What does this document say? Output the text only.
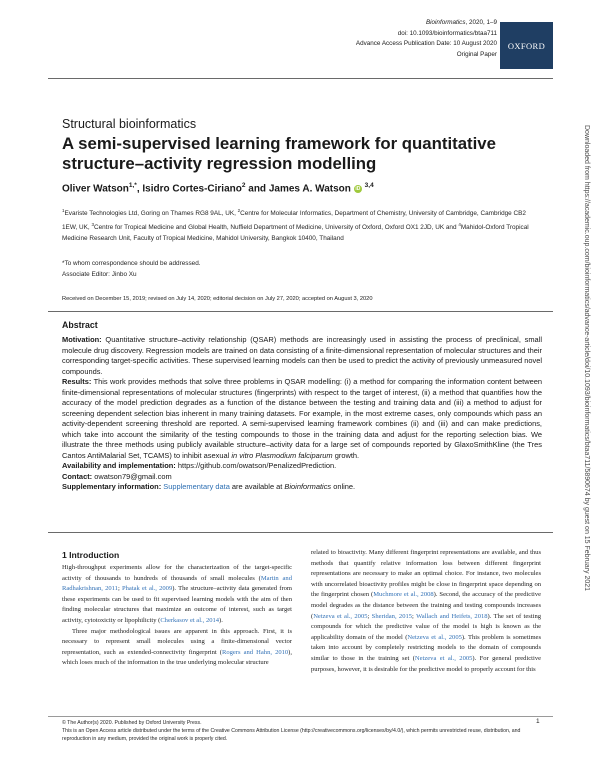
Bioinformatics, 2020, 1–9
doi: 10.1093/bioinformatics/btaa711
Advance Access Publication Date: 10 August 2020
Original Paper
OXFORD
Structural bioinformatics
A semi-supervised learning framework for quantitative structure–activity regression modelling
Oliver Watson$^{1,*}$, Isidro Cortes-Ciriano$^2$ and James A. Watson iD $^{3,4}$
$^1$Evariste Technologies Ltd, Goring on Thames RG8 9AL, UK, $^2$Centre for Molecular Informatics, Department of Chemistry, University of Cambridge, Cambridge CB2 1EW, UK, $^3$Centre for Tropical Medicine and Global Health, Nuffield Department of Medicine, University of Oxford, Oxford OX1 2JD, UK and $^4$Mahidol-Oxford Tropical Medicine Research Unit, Faculty of Tropical Medicine, Mahidol University, Bangkok 10400, Thailand
*To whom correspondence should be addressed.
Associate Editor: Jinbo Xu
Received on December 15, 2019; revised on July 14, 2020; editorial decision on July 27, 2020; accepted on August 3, 2020
Abstract

Motivation: Quantitative structure–activity relationship (QSAR) methods are increasingly used in assisting the process of preclinical, small molecule drug discovery. Regression models are trained on data consisting of a finite-dimensional representation of molecular structures and their corresponding target-specific activities. These supervised learning models can then be used to predict the activity of previously unmeasured novel compounds.

Results: This work provides methods that solve three problems in QSAR modelling: (i) a method for comparing the information content between finite-dimensional representations of molecular structures (fingerprints) with respect to the target of interest, (ii) a method that quantifies how the accuracy of the model prediction degrades as a function of the distance between the testing and training data and (iii) a method to adjust for screening dependent selection bias inherent in many training datasets. For example, in the most extreme cases, only compounds which pass an activity-dependent screening threshold are reported. A semi-supervised learning framework combines (ii) and (iii) and can make predictions, which take into account the similarity of the testing compounds to those in the training data and adjust for the reporting selection bias. We illustrate the three methods using publicly available structure–activity data for a large set of compounds reported by GlaxoSmithKline (the Tres Cantos AntiMalarial Set, TCAMS) to inhibit asexual in vitro Plasmodium falciparum growth.

Availability and implementation: https://github.com/owatson/PenalizedPrediction.

Contact: owatson79@gmail.com

Supplementary information: Supplementary data are available at Bioinformatics online.

1 Introduction

High-throughput experiments allow for the characterization of the target-specific activity of thousands to hundreds of thousands of small molecules (Martin and Radhakrishnan, 2011; Phatak et al., 2009). The structure–activity data generated from these experiments can be used to fit supervised learning models with the aim of then finding molecular structures that maximize an outcome of interest, such as target activity, cytotoxicity or lipophilicity (Cherkasov et al., 2014).

Three major methodological issues are apparent in this approach. First, it is necessary to represent small molecules using a finite-dimensional vector representation, such as extended-connectivity fingerprint (Rogers and Hahn, 2010), which loses much of the information in the true underlying molecular structure

related to bioactivity. Many different fingerprint representations are available, and thus methods that quantify relative information loss between different fingerprint representations are necessary to make an optimal choice. For instance, two molecules with uncorrelated bioactivity profiles might be close in fingerprint space depending on the fingerprint chosen (Muchmore et al., 2008). Second, the accuracy of the predictive model degrades as the distance between the training and testing compounds increases (Netzeva et al., 2005; Sheridan, 2015; Wallach and Heifets, 2018). The set of testing compounds for which the predictive value of the model is high is known as the applicability domain of the model (Netzeva et al., 2005). This problem is sometimes taken into account by completely restricting models to the domain of compounds similar to those in the training set (Netzeva et al., 2005). For general predictive purposes, however, it is desirable for the predictive model to properly account for this

© The Author(s) 2020. Published by Oxford University Press.
This is an Open Access article distributed under the terms of the Creative Commons Attribution License (http://creativecommons.org/licenses/by/4.0/), which permits unrestricted reuse, distribution, and reproduction in any medium, provided the original work is properly cited.
1
Downloaded from https://academic.oup.com/bioinformatics/advance-article/doi/10.1093/bioinformatics/btaa711/5890674 by guest on 15 February 2021
